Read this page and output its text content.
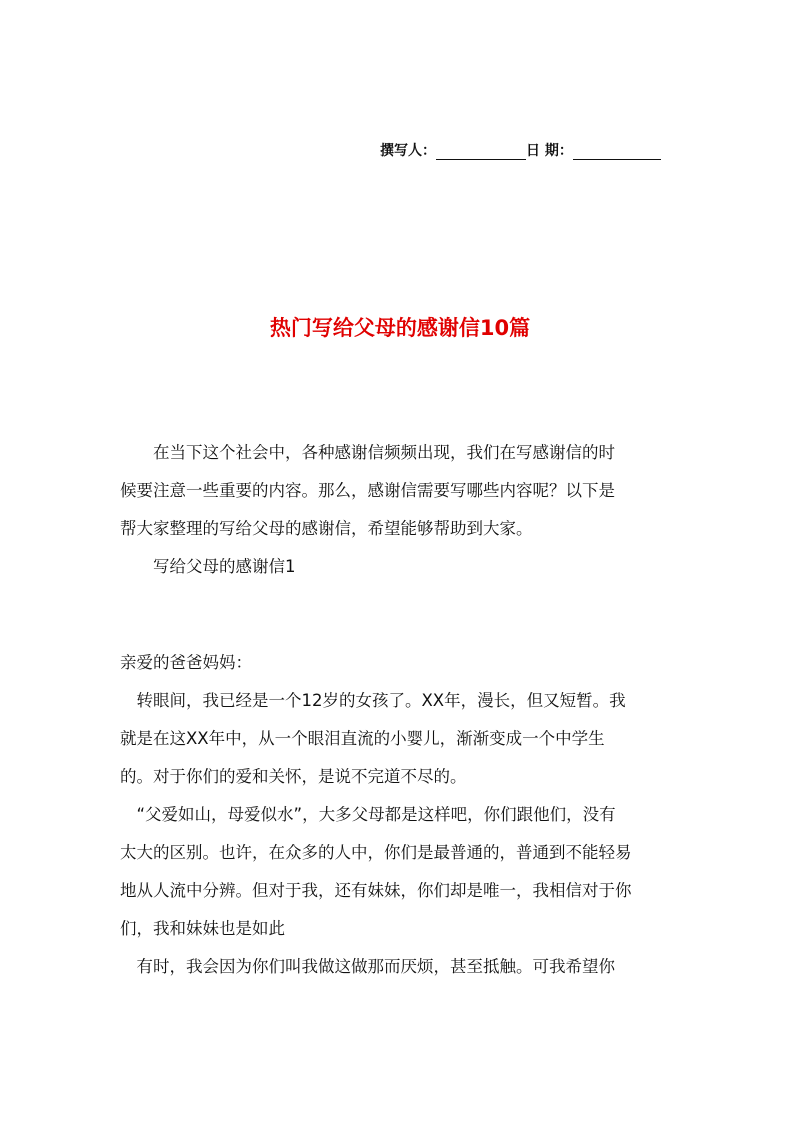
撰写人：	日 期：
热门写给父母的感谢信10篇
　　在当下这个社会中，各种感谢信频频出现，我们在写感谢信的时
候要注意一些重要的内容。那么，感谢信需要写哪些内容呢？以下是
帮大家整理的写给父母的感谢信，希望能够帮助到大家。
　　写给父母的感谢信1
亲爱的爸爸妈妈：
　转眼间，我已经是一个12岁的女孩了。XX年，漫长，但又短暂。我
就是在这XX年中，从一个眼泪直流的小婴儿，渐渐变成一个中学生
的。对于你们的爱和关怀，是说不完道不尽的。
　“父爱如山，母爱似水”，大多父母都是这样吧，你们跟他们，没有
太大的区别。也许，在众多的人中，你们是最普通的，普通到不能轻易
地从人流中分辨。但对于我，还有妹妹，你们却是唯一，我相信对于你
们，我和妹妹也是如此
　有时，我会因为你们叫我做这做那而厌烦，甚至抵触。可我希望你
